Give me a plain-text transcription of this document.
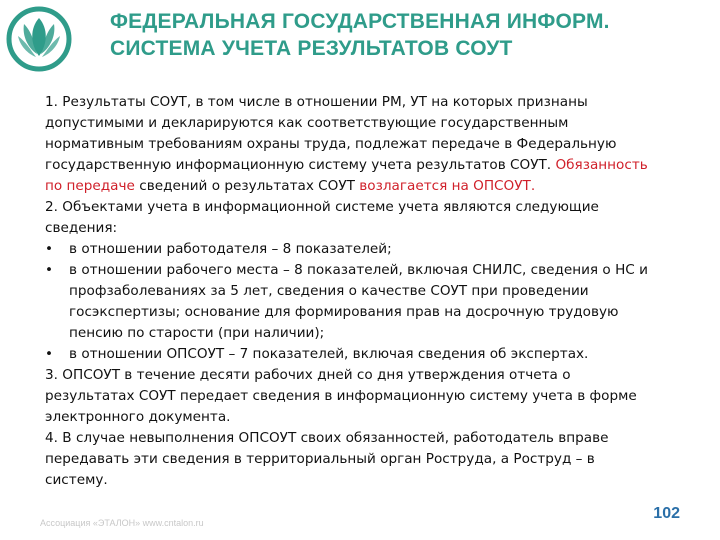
ФЕДЕРАЛЬНАЯ ГОСУДАРСТВЕННАЯ ИНФОРМ.
СИСТЕМА УЧЕТА РЕЗУЛЬТАТОВ СОУТ
1. Результаты СОУТ, в том числе в отношении РМ, УТ на которых признаны
допустимыми и декларируются как соответствующие государственным
нормативным требованиям охраны труда, подлежат передаче в Федеральную
государственную информационную систему учета результатов СОУТ. Обязанность
по передаче сведений о результатах СОУТ возлагается на ОПСОУТ.
2. Объектами учета в информационной системе учета являются следующие
сведения:
• в отношении работодателя – 8 показателей;
• в отношении рабочего места – 8 показателей, включая СНИЛС, сведения о НС и
профзаболеваниях за 5 лет, сведения о качестве СОУТ при проведении
госэкспертизы; основание для формирования прав на досрочную трудовую
пенсию по старости (при наличии);
• в отношении ОПСОУТ – 7 показателей, включая сведения об экспертах.
3. ОПСОУТ в течение десяти рабочих дней со дня утверждения отчета о
результатах СОУТ передает сведения в информационную систему учета в форме
электронного документа.
4. В случае невыполнения ОПСОУТ своих обязанностей, работодатель вправе
передавать эти сведения в территориальный орган Роструда, а Роструд – в
систему.
Ассоциация «ЭТАЛОН» www.cntalon.ru
102
